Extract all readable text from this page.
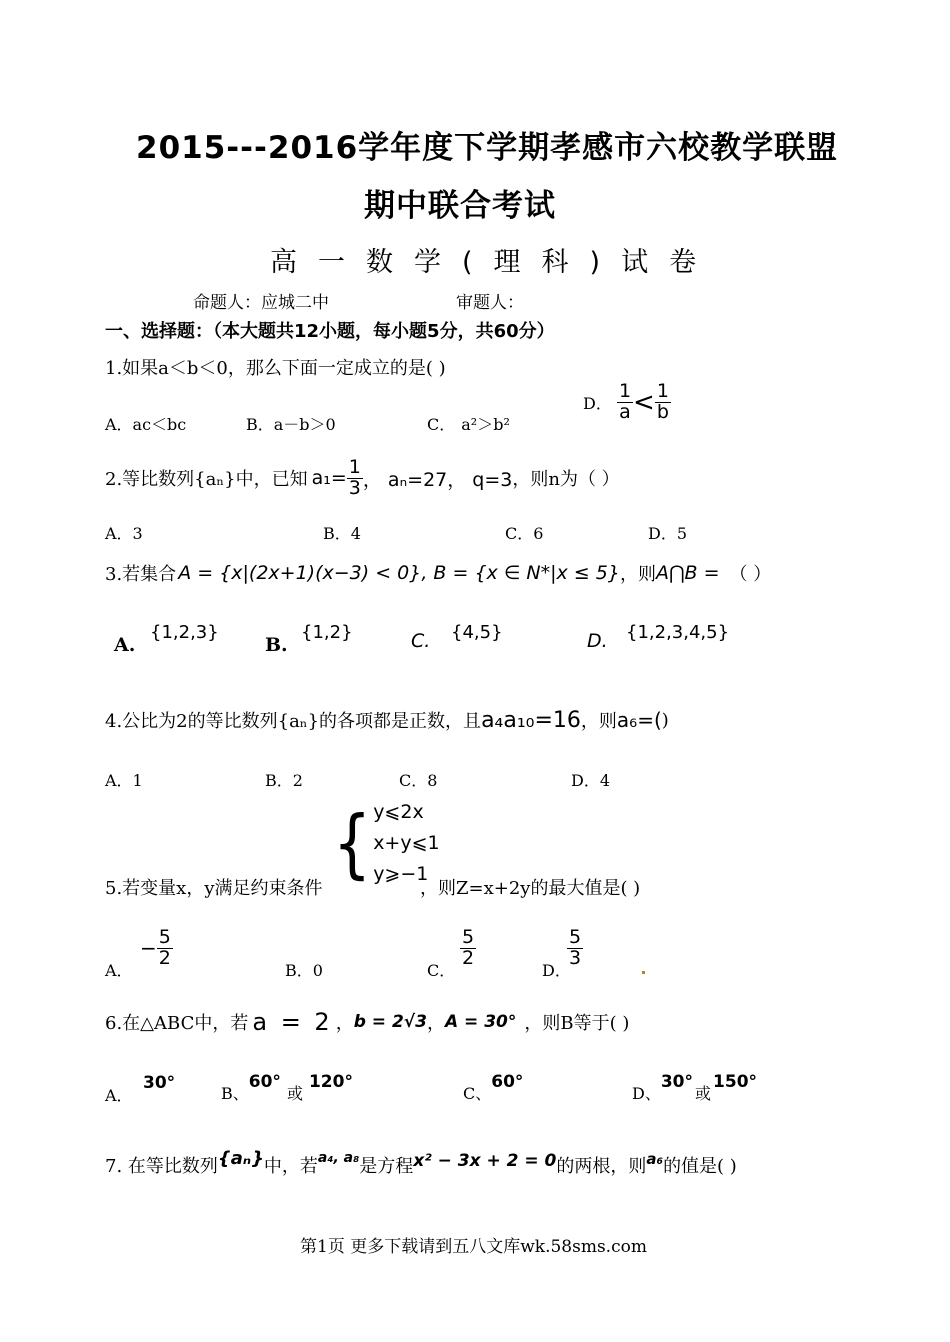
2015---2016学年度下学期孝感市六校教学联盟
期中联合考试
高一数学(理科)试卷
命题人：应城二中	审题人：
一、选择题：（本大题共12小题，每小题5分，共60分）
1.如果a＜b＜0，那么下面一定成立的是( )
A．ac＜bc	B．a－b＞0	C． a²＞b²
D． $\frac{1}{a} < \frac{1}{b}$
2.等比数列{aₙ}中，已知 $a_1= \frac{1}{3}$ ， aₙ=27， q=3 ，则n为（ ）
A．3	B．4	C．6	D．5
3.若集合 A = {x|(2x+1)(x−3) < 0}, B = {x ∈ N*|x ≤ 5} ，则 A⋂B = （ ）
A.
{1,2,3}
B.
{1,2}	C. {4,5}	D. {1,2,3,4,5}
4.公比为2的等比数列{aₙ}的各项都是正数，且 a₄a₁₀=16 ，则 a₆=( )
A．1	B．2	C．8	D．4
{ y⩽2x
x+y⩽1
y⩾−1
5.若变量x，y满足约束条件	，则Z=x+2y的最大值是( )
A．
− $\frac{5}{2}$
B．0	C．
$\frac{5}{2}$
D．
$\frac{5}{3}$
6.在△ABC中，若 a = 2 ， b = 2√3 ， A = 30° ，则B等于( )
A．
30°
B、
60°
或
120°
C、
60°
D、
30°
或
150°
7. 在等比数列 {aₙ} 中，若 a₄, a₈ 是方程 x² − 3x + 2 = 0 的两根，则 a₆ 的值是( )
第1页 更多下载请到五八文库wk.58sms.com
